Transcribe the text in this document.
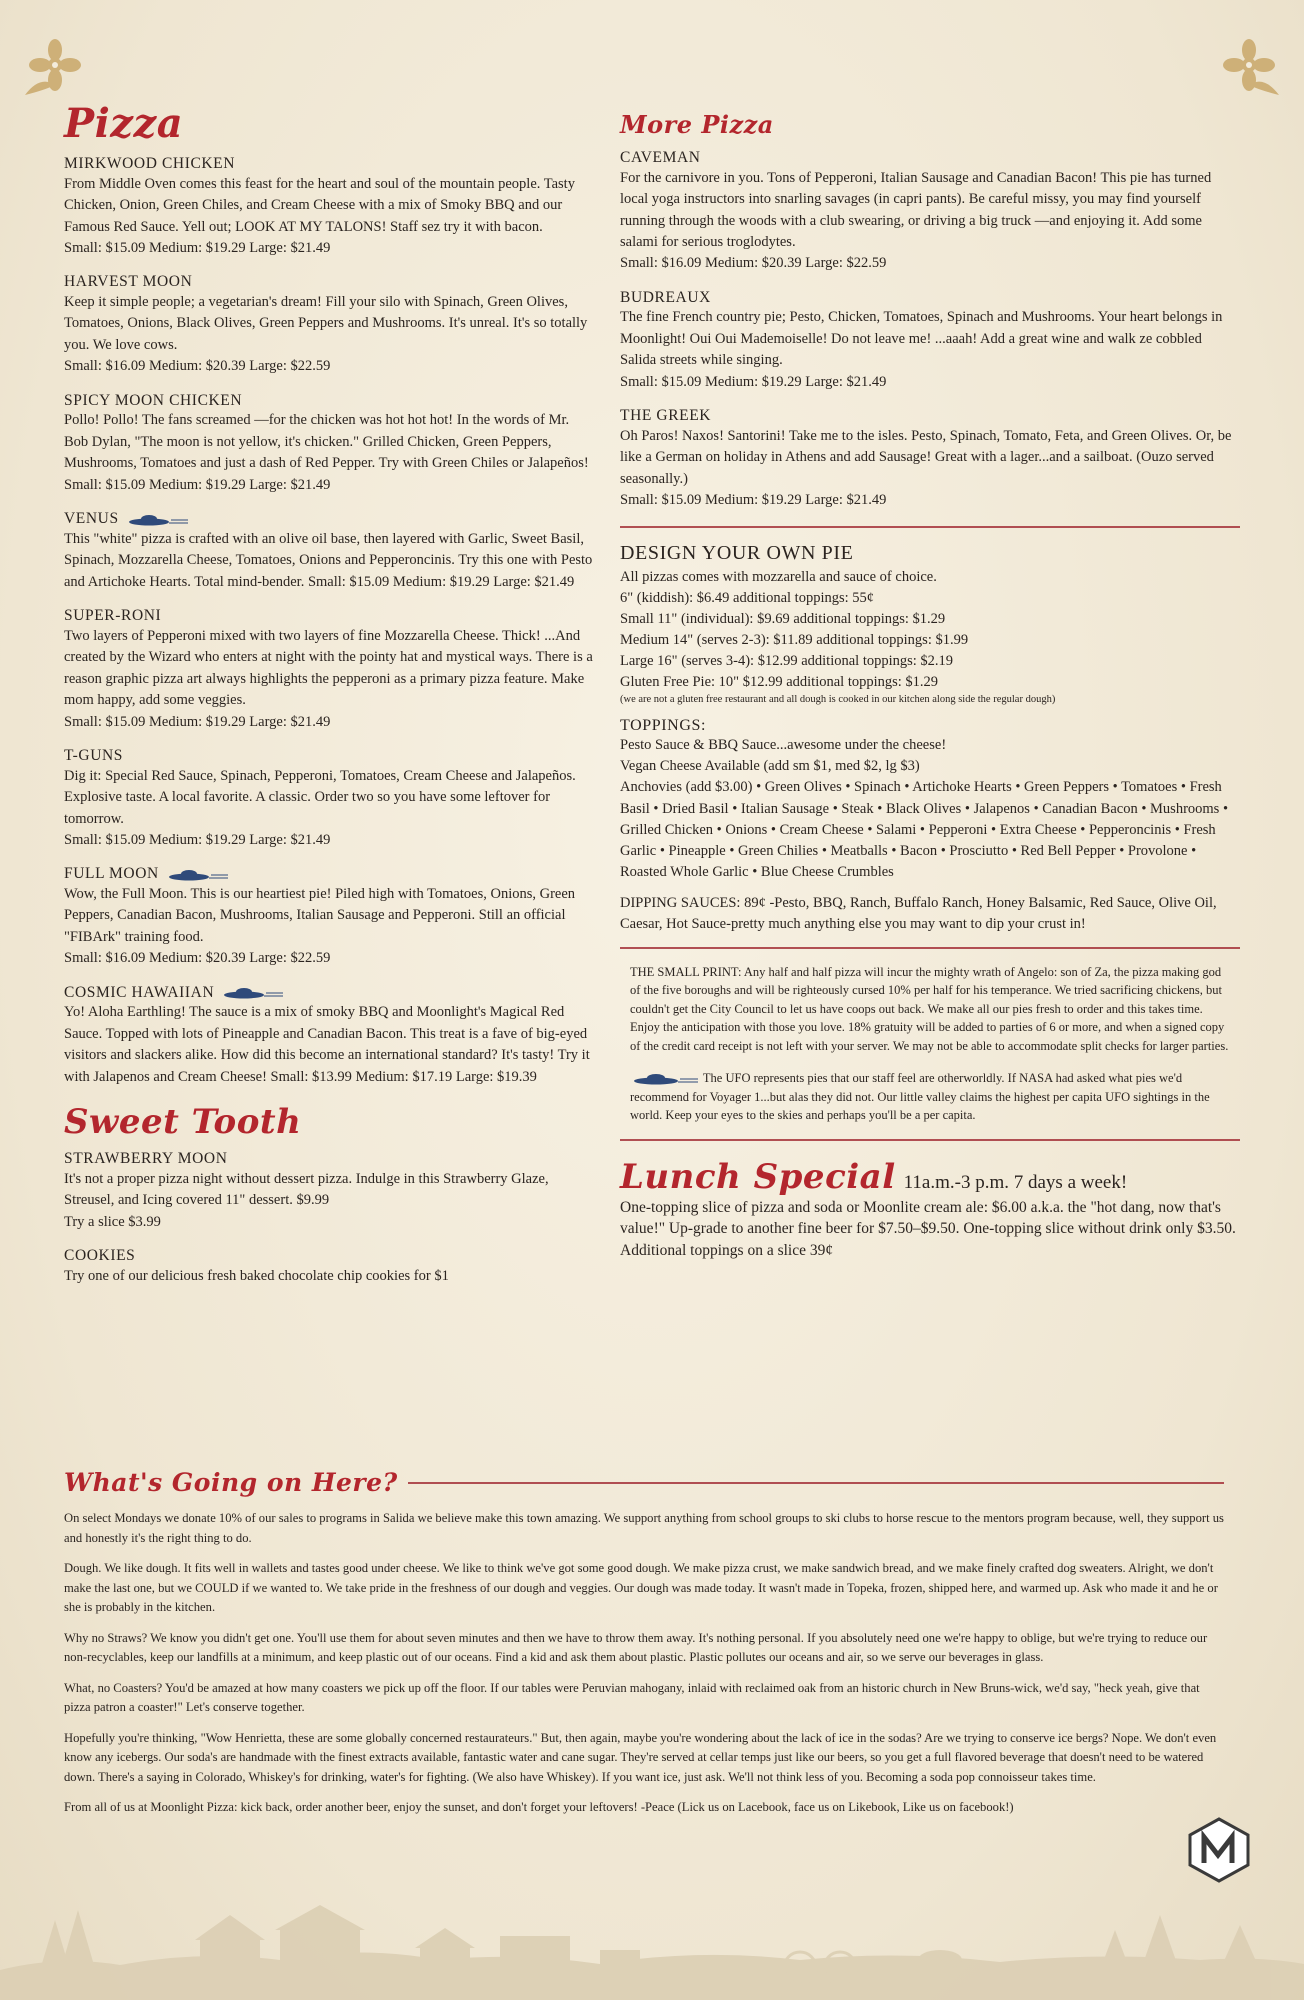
Pizza
MIRKWOOD CHICKEN
From Middle Oven comes this feast for the heart and soul of the mountain people. Tasty Chicken, Onion, Green Chiles, and Cream Cheese with a mix of Smoky BBQ and our Famous Red Sauce. Yell out; LOOK AT MY TALONS! Staff sez try it with bacon.
Small: $15.09 Medium: $19.29 Large: $21.49
HARVEST MOON
Keep it simple people; a vegetarian's dream! Fill your silo with Spinach, Green Olives, Tomatoes, Onions, Black Olives, Green Peppers and Mushrooms. It's unreal. It's so totally you. We love cows.
Small: $16.09 Medium: $20.39 Large: $22.59
SPICY MOON CHICKEN
Pollo! Pollo! The fans screamed —for the chicken was hot hot hot! In the words of Mr. Bob Dylan, "The moon is not yellow, it's chicken." Grilled Chicken, Green Peppers, Mushrooms, Tomatoes and just a dash of Red Pepper. Try with Green Chiles or Jalapeños!
Small: $15.09 Medium: $19.29 Large: $21.49
VENUS
This "white" pizza is crafted with an olive oil base, then layered with Garlic, Sweet Basil, Spinach, Mozzarella Cheese, Tomatoes, Onions and Pepperoncinis. Try this one with Pesto and Artichoke Hearts. Total mind-bender. Small: $15.09 Medium: $19.29 Large: $21.49
SUPER-RONI
Two layers of Pepperoni mixed with two layers of fine Mozzarella Cheese. Thick! ...And created by the Wizard who enters at night with the pointy hat and mystical ways. There is a reason graphic pizza art always highlights the pepperoni as a primary pizza feature. Make mom happy, add some veggies.
Small: $15.09 Medium: $19.29 Large: $21.49
T-GUNS
Dig it: Special Red Sauce, Spinach, Pepperoni, Tomatoes, Cream Cheese and Jalapeños. Explosive taste. A local favorite. A classic. Order two so you have some leftover for tomorrow.
Small: $15.09 Medium: $19.29 Large: $21.49
FULL MOON
Wow, the Full Moon. This is our heartiest pie! Piled high with Tomatoes, Onions, Green Peppers, Canadian Bacon, Mushrooms, Italian Sausage and Pepperoni. Still an official "FIBArk" training food.
Small: $16.09 Medium: $20.39 Large: $22.59
COSMIC HAWAIIAN
Yo! Aloha Earthling! The sauce is a mix of smoky BBQ and Moonlight's Magical Red Sauce. Topped with lots of Pineapple and Canadian Bacon. This treat is a fave of big-eyed visitors and slackers alike. How did this become an international standard? It's tasty! Try it with Jalapenos and Cream Cheese! Small: $13.99 Medium: $17.19 Large: $19.39
Sweet Tooth
STRAWBERRY MOON
It's not a proper pizza night without dessert pizza. Indulge in this Strawberry Glaze, Streusel, and Icing covered 11" dessert. $9.99
Try a slice $3.99
COOKIES
Try one of our delicious fresh baked chocolate chip cookies for $1
More Pizza
CAVEMAN
For the carnivore in you. Tons of Pepperoni, Italian Sausage and Canadian Bacon! This pie has turned local yoga instructors into snarling savages (in capri pants). Be careful missy, you may find yourself running through the woods with a club swearing, or driving a big truck —and enjoying it. Add some salami for serious troglodytes.
Small: $16.09 Medium: $20.39 Large: $22.59
BUDREAUX
The fine French country pie; Pesto, Chicken, Tomatoes, Spinach and Mushrooms. Your heart belongs in Moonlight! Oui Oui Mademoiselle! Do not leave me! ...aaah! Add a great wine and walk ze cobbled Salida streets while singing.
Small: $15.09 Medium: $19.29 Large: $21.49
THE GREEK
Oh Paros! Naxos! Santorini! Take me to the isles. Pesto, Spinach, Tomato, Feta, and Green Olives. Or, be like a German on holiday in Athens and add Sausage! Great with a lager...and a sailboat. (Ouzo served seasonally.)
Small: $15.09 Medium: $19.29 Large: $21.49
DESIGN YOUR OWN PIE
All pizzas comes with mozzarella and sauce of choice.
6" (kiddish): $6.49 additional toppings: 55¢
Small 11" (individual): $9.69 additional toppings: $1.29
Medium 14" (serves 2-3): $11.89 additional toppings: $1.99
Large 16" (serves 3-4): $12.99 additional toppings: $2.19
Gluten Free Pie: 10" $12.99 additional toppings: $1.29
(we are not a gluten free restaurant and all dough is cooked in our kitchen along side the regular dough)
TOPPINGS:
Pesto Sauce & BBQ Sauce...awesome under the cheese!
Vegan Cheese Available (add sm $1, med $2, lg $3)
Anchovies (add $3.00) • Green Olives • Spinach • Artichoke Hearts • Green Peppers • Tomatoes • Fresh Basil • Dried Basil • Italian Sausage • Steak • Black Olives • Jalapenos • Canadian Bacon • Mushrooms • Grilled Chicken • Onions • Cream Cheese • Salami • Pepperoni • Extra Cheese • Pepperoncinis • Fresh Garlic • Pineapple • Green Chilies • Meatballs • Bacon • Prosciutto • Red Bell Pepper • Provolone • Roasted Whole Garlic • Blue Cheese Crumbles
DIPPING SAUCES: 89¢ -Pesto, BBQ, Ranch, Buffalo Ranch, Honey Balsamic, Red Sauce, Olive Oil, Caesar, Hot Sauce-pretty much anything else you may want to dip your crust in!
THE SMALL PRINT: Any half and half pizza will incur the mighty wrath of Angelo: son of Za, the pizza making god of the five boroughs and will be righteously cursed 10% per half for his temperance. We tried sacrificing chickens, but couldn't get the City Council to let us have coops out back. We make all our pies fresh to order and this takes time. Enjoy the anticipation with those you love. 18% gratuity will be added to parties of 6 or more, and when a signed copy of the credit card receipt is not left with your server. We may not be able to accommodate split checks for larger parties.
The UFO represents pies that our staff feel are otherworldly. If NASA had asked what pies we'd recommend for Voyager 1...but alas they did not. Our little valley claims the highest per capita UFO sightings in the world. Keep your eyes to the skies and perhaps you'll be a per capita.
Lunch Special 11a.m.-3 p.m. 7 days a week!
One-topping slice of pizza and soda or Moonlite cream ale: $6.00 a.k.a. the "hot dang, now that's value!" Up-grade to another fine beer for $7.50–$9.50. One-topping slice without drink only $3.50. Additional toppings on a slice 39¢
What's Going on Here?

On select Mondays we donate 10% of our sales to programs in Salida we believe make this town amazing. We support anything from school groups to ski clubs to horse rescue to the mentors program because, well, they support us and honestly it's the right thing to do.

Dough. We like dough. It fits well in wallets and tastes good under cheese. We like to think we've got some good dough. We make pizza crust, we make sandwich bread, and we make finely crafted dog sweaters. Alright, we don't make the last one, but we COULD if we wanted to. We take pride in the freshness of our dough and veggies. Our dough was made today. It wasn't made in Topeka, frozen, shipped here, and warmed up. Ask who made it and he or she is probably in the kitchen.

Why no Straws? We know you didn't get one. You'll use them for about seven minutes and then we have to throw them away. It's nothing personal. If you absolutely need one we're happy to oblige, but we're trying to reduce our non-recyclables, keep our landfills at a minimum, and keep plastic out of our oceans. Find a kid and ask them about plastic. Plastic pollutes our oceans and air, so we serve our beverages in glass.

What, no Coasters? You'd be amazed at how many coasters we pick up off the floor. If our tables were Peruvian mahogany, inlaid with reclaimed oak from an historic church in New Bruns-wick, we'd say, "heck yeah, give that pizza patron a coaster!" Let's conserve together.

Hopefully you're thinking, "Wow Henrietta, these are some globally concerned restaurateurs." But, then again, maybe you're wondering about the lack of ice in the sodas? Are we trying to conserve ice bergs? Nope. We don't even know any icebergs. Our soda's are handmade with the finest extracts available, fantastic water and cane sugar. They're served at cellar temps just like our beers, so you get a full flavored beverage that doesn't need to be watered down. There's a saying in Colorado, Whiskey's for drinking, water's for fighting. (We also have Whiskey). If you want ice, just ask. We'll not think less of you. Becoming a soda pop connoisseur takes time.

From all of us at Moonlight Pizza: kick back, order another beer, enjoy the sunset, and don't forget your leftovers! -Peace (Lick us on Lacebook, face us on Likebook, Like us on facebook!)
